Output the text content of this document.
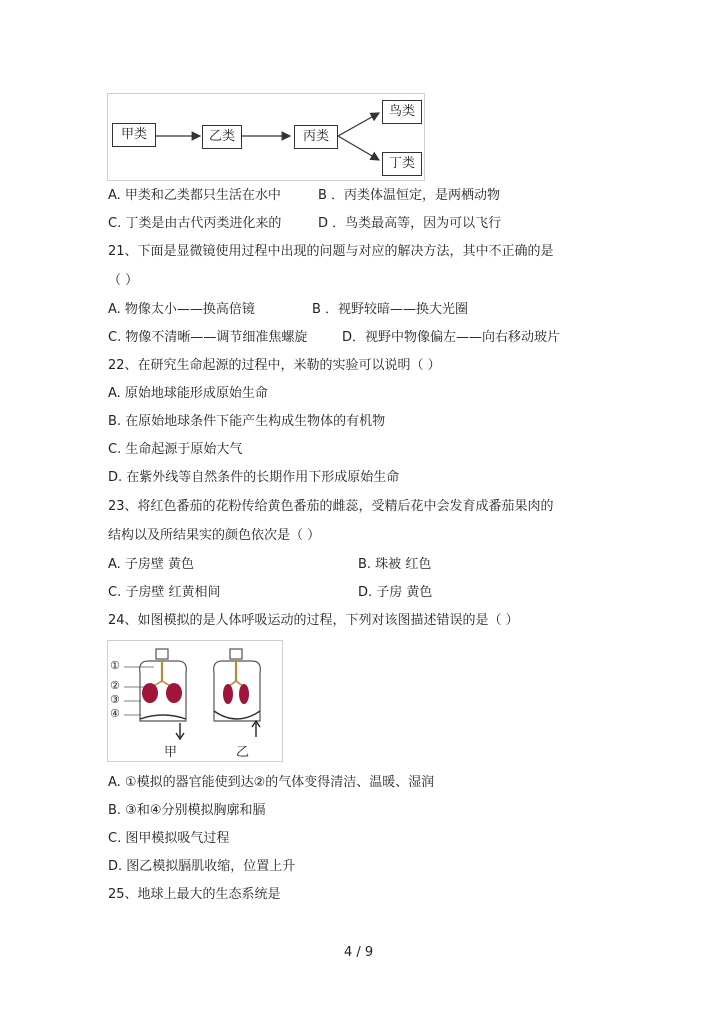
甲类	乙类	丙类
鸟类
丁类
A. 甲类和乙类都只生活在水中	B ．丙类体温恒定，是两栖动物
C. 丁类是由古代丙类进化来的	D ．鸟类最高等，因为可以飞行
21、下面是显微镜使用过程中出现的问题与对应的解决方法，其中不正确的是
（ ）
A. 物像太小——换高倍镜	B ．视野较暗——换大光圈
C. 物像不清晰——调节细准焦螺旋	D．视野中物像偏左——向右移动玻片
22、在研究生命起源的过程中，米勒的实验可以说明（ ）
A. 原始地球能形成原始生命
B. 在原始地球条件下能产生构成生物体的有机物
C. 生命起源于原始大气
D. 在紫外线等自然条件的长期作用下形成原始生命
23、将红色番茄的花粉传给黄色番茄的雌蕊，受精后花中会发育成番茄果肉的
结构以及所结果实的颜色依次是（ ）
A. 子房壁 黄色	B. 珠被 红色
C. 子房壁 红黄相间	D. 子房 黄色
24、如图模拟的是人体呼吸运动的过程，下列对该图描述错误的是（ ）
①
②
③
④
甲	乙
A. ①模拟的器官能使到达②的气体变得清洁、温暖、湿润
B. ③和④分别模拟胸廓和膈
C. 图甲模拟吸气过程
D. 图乙模拟膈肌收缩，位置上升
25、地球上最大的生态系统是
4 / 9
